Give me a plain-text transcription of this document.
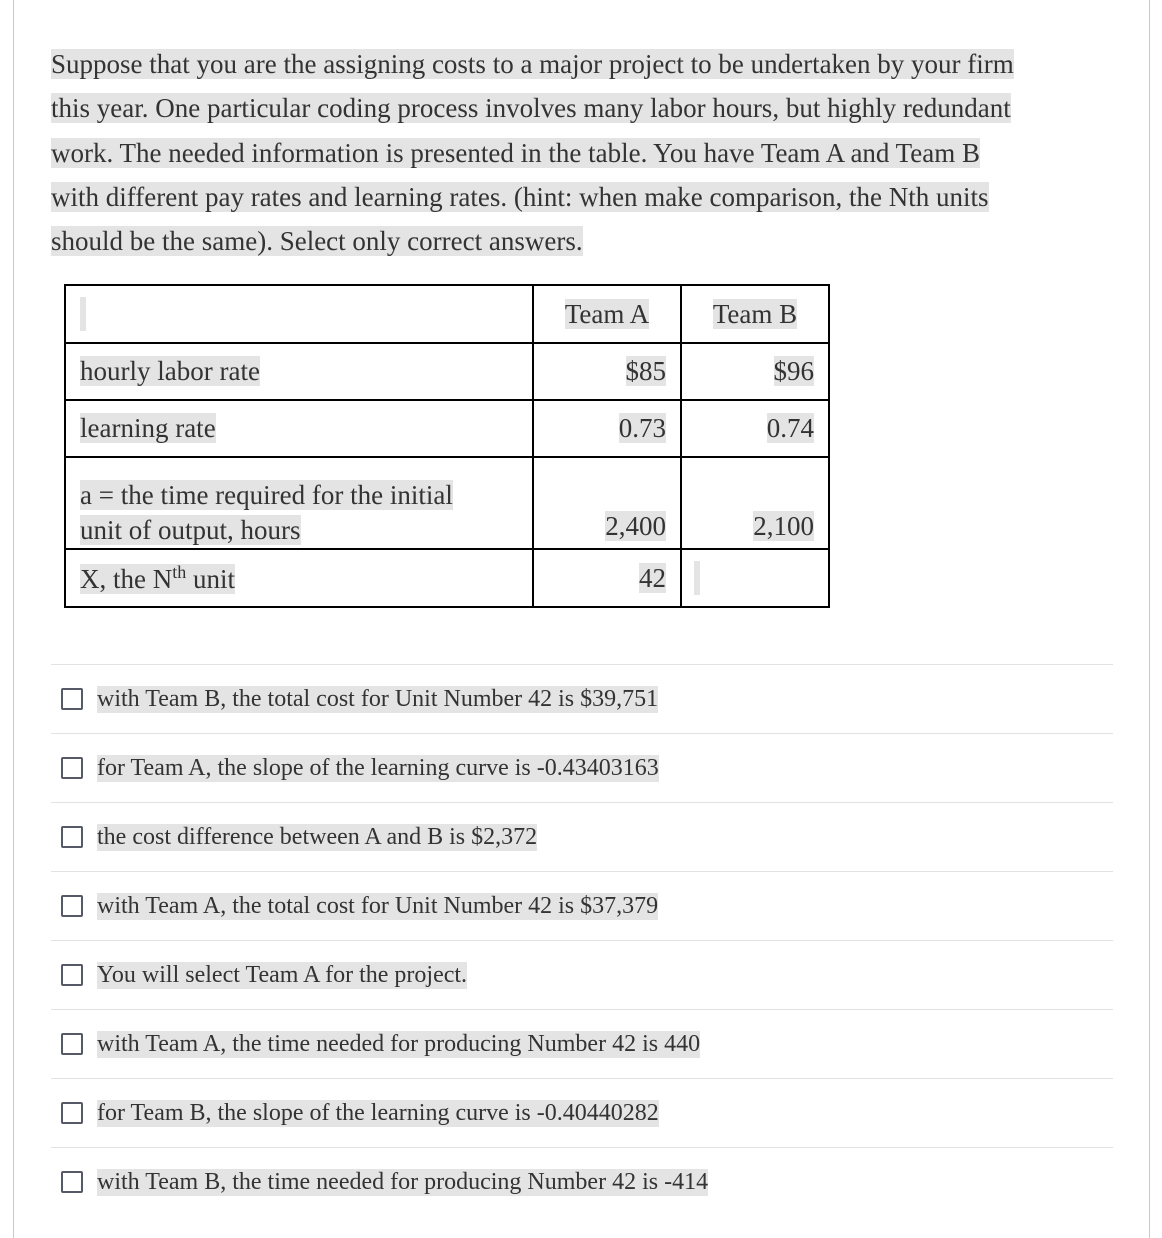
Suppose that you are the assigning costs to a major project to be undertaken by your firm
this year. One particular coding process involves many labor hours, but highly redundant
work. The needed information is presented in the table. You have Team A and Team B
with different pay rates and learning rates. (hint: when make comparison, the Nth units
should be the same). Select only correct answers.

	Team A	Team B

hourly labor rate	$85	$96

learning rate	0.73	0.74

a = the time required for the initial
unit of output, hours	2,400	2,100

X, the $N^{th}$ unit	42	

with Team B, the total cost for Unit Number 42 is $39,751
for Team A, the slope of the learning curve is -0.43403163
the cost difference between A and B is $2,372
with Team A, the total cost for Unit Number 42 is $37,379
You will select Team A for the project.
with Team A, the time needed for producing Number 42 is 440
for Team B, the slope of the learning curve is -0.40440282
with Team B, the time needed for producing Number 42 is -414
